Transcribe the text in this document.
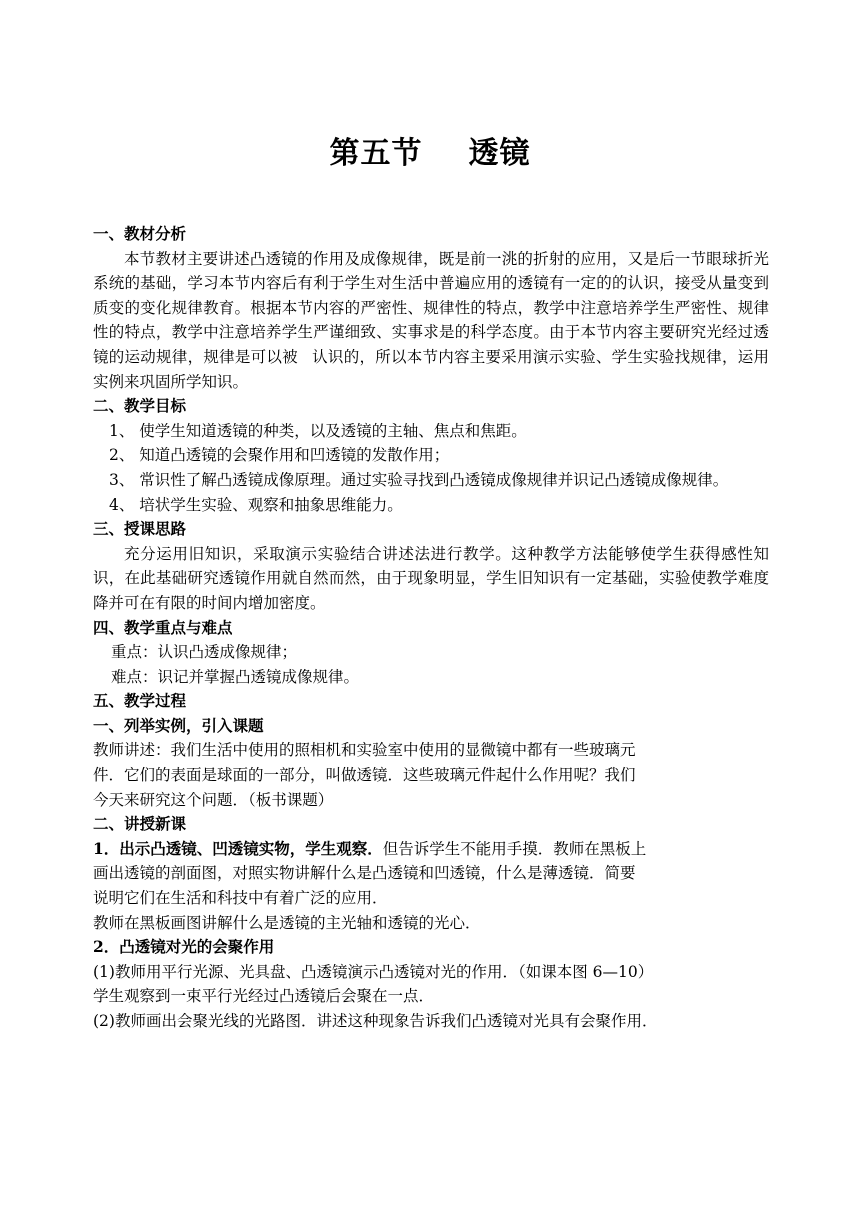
第五节 透镜

一、教材分析

本节教材主要讲述凸透镜的作用及成像规律，既是前一洮的折射的应用，又是后一节眼球折光系统的基础，学习本节内容后有利于学生对生活中普遍应用的透镜有一定的的认识，接受从量变到质变的变化规律教育。根据本节内容的严密性、规律性的特点，教学中注意培养学生严密性、规律性的特点，教学中注意培养学生严谨细致、实事求是的科学态度。由于本节内容主要研究光经过透镜的运动规律，规律是可以被 认识的，所以本节内容主要采用演示实验、学生实验找规律，运用实例来巩固所学知识。

二、教学目标

1、 使学生知道透镜的种类，以及透镜的主轴、焦点和焦距。

2、 知道凸透镜的会聚作用和凹透镜的发散作用；

3、 常识性了解凸透镜成像原理。通过实验寻找到凸透镜成像规律并识记凸透镜成像规律。

4、 培状学生实验、观察和抽象思维能力。

三、授课思路

充分运用旧知识，采取演示实验结合讲述法进行教学。这种教学方法能够使学生获得感性知识，在此基础研究透镜作用就自然而然，由于现象明显，学生旧知识有一定基础，实验使教学难度降并可在有限的时间内增加密度。

四、教学重点与难点

重点：认识凸透成像规律；

难点：识记并掌握凸透镜成像规律。

五、教学过程

一、列举实例，引入课题

教师讲述：我们生活中使用的照相机和实验室中使用的显微镜中都有一些玻璃元

件．它们的表面是球面的一部分，叫做透镜．这些玻璃元件起什么作用呢？我们

今天来研究这个问题．（板书课题）

二、讲授新课

1．出示凸透镜、凹透镜实物，学生观察．但告诉学生不能用手摸．教师在黑板上

画出透镜的剖面图，对照实物讲解什么是凸透镜和凹透镜，什么是薄透镜．简要

说明它们在生活和科技中有着广泛的应用．

教师在黑板画图讲解什么是透镜的主光轴和透镜的光心．

2．凸透镜对光的会聚作用

(1)教师用平行光源、光具盘、凸透镜演示凸透镜对光的作用．（如课本图 6—10）

学生观察到一束平行光经过凸透镜后会聚在一点．

(2)教师画出会聚光线的光路图．讲述这种现象告诉我们凸透镜对光具有会聚作用．
